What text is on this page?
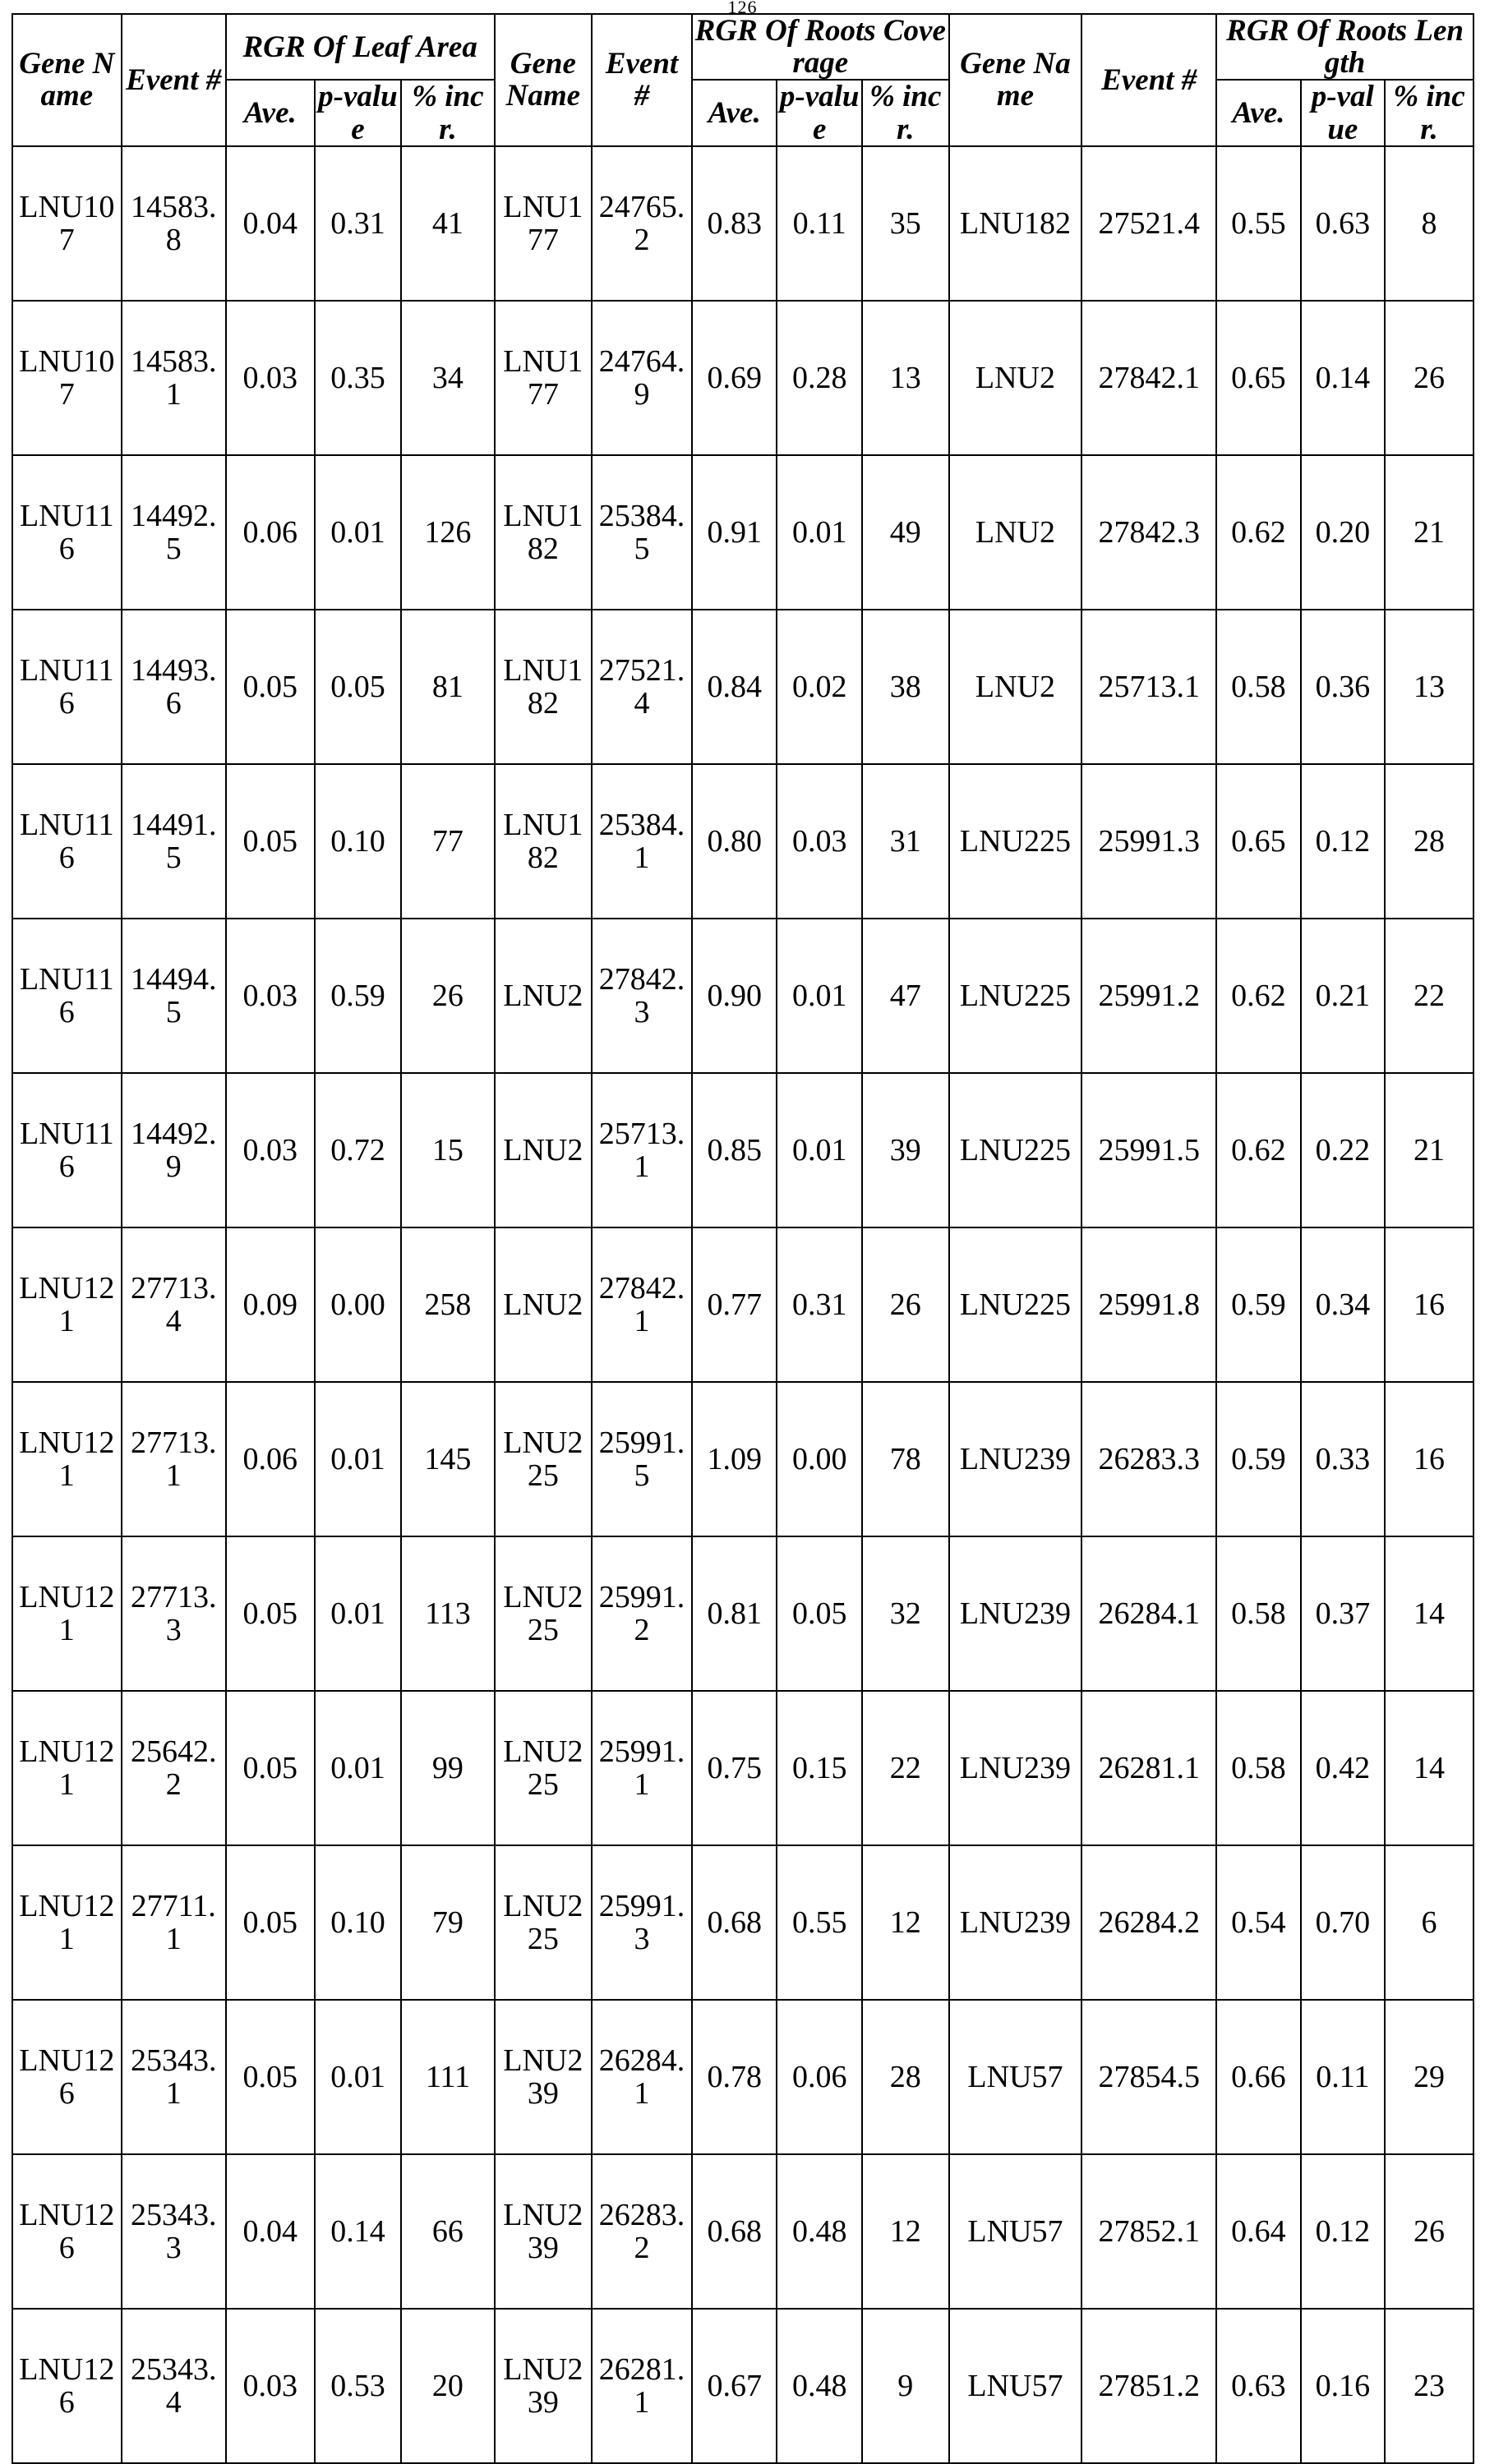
126
Gene Name	Event #	RGR Of Leaf Area			Gene Name	Event #	RGR Of Roots Coverage			Gene Name	Event #	RGR Of Roots Length		
		Ave.	p-value	% incr.			Ave.	p-value	% incr.			Ave.	p-value	% incr.
LNU107	14583.8	0.04	0.31	41	LNU177	24765.2	0.83	0.11	35	LNU182	27521.4	0.55	0.63	8
LNU107	14583.1	0.03	0.35	34	LNU177	24764.9	0.69	0.28	13	LNU2	27842.1	0.65	0.14	26
LNU116	14492.5	0.06	0.01	126	LNU182	25384.5	0.91	0.01	49	LNU2	27842.3	0.62	0.20	21
LNU116	14493.6	0.05	0.05	81	LNU182	27521.4	0.84	0.02	38	LNU2	25713.1	0.58	0.36	13
LNU116	14491.5	0.05	0.10	77	LNU182	25384.1	0.80	0.03	31	LNU225	25991.3	0.65	0.12	28
LNU116	14494.5	0.03	0.59	26	LNU2	27842.3	0.90	0.01	47	LNU225	25991.2	0.62	0.21	22
LNU116	14492.9	0.03	0.72	15	LNU2	25713.1	0.85	0.01	39	LNU225	25991.5	0.62	0.22	21
LNU121	27713.4	0.09	0.00	258	LNU2	27842.1	0.77	0.31	26	LNU225	25991.8	0.59	0.34	16
LNU121	27713.1	0.06	0.01	145	LNU225	25991.5	1.09	0.00	78	LNU239	26283.3	0.59	0.33	16
LNU121	27713.3	0.05	0.01	113	LNU225	25991.2	0.81	0.05	32	LNU239	26284.1	0.58	0.37	14
LNU121	25642.2	0.05	0.01	99	LNU225	25991.1	0.75	0.15	22	LNU239	26281.1	0.58	0.42	14
LNU121	27711.1	0.05	0.10	79	LNU225	25991.3	0.68	0.55	12	LNU239	26284.2	0.54	0.70	6
LNU126	25343.1	0.05	0.01	111	LNU239	26284.1	0.78	0.06	28	LNU57	27854.5	0.66	0.11	29
LNU126	25343.3	0.04	0.14	66	LNU239	26283.2	0.68	0.48	12	LNU57	27852.1	0.64	0.12	26
LNU126	25343.4	0.03	0.53	20	LNU239	26281.1	0.67	0.48	9	LNU57	27851.2	0.63	0.16	23
